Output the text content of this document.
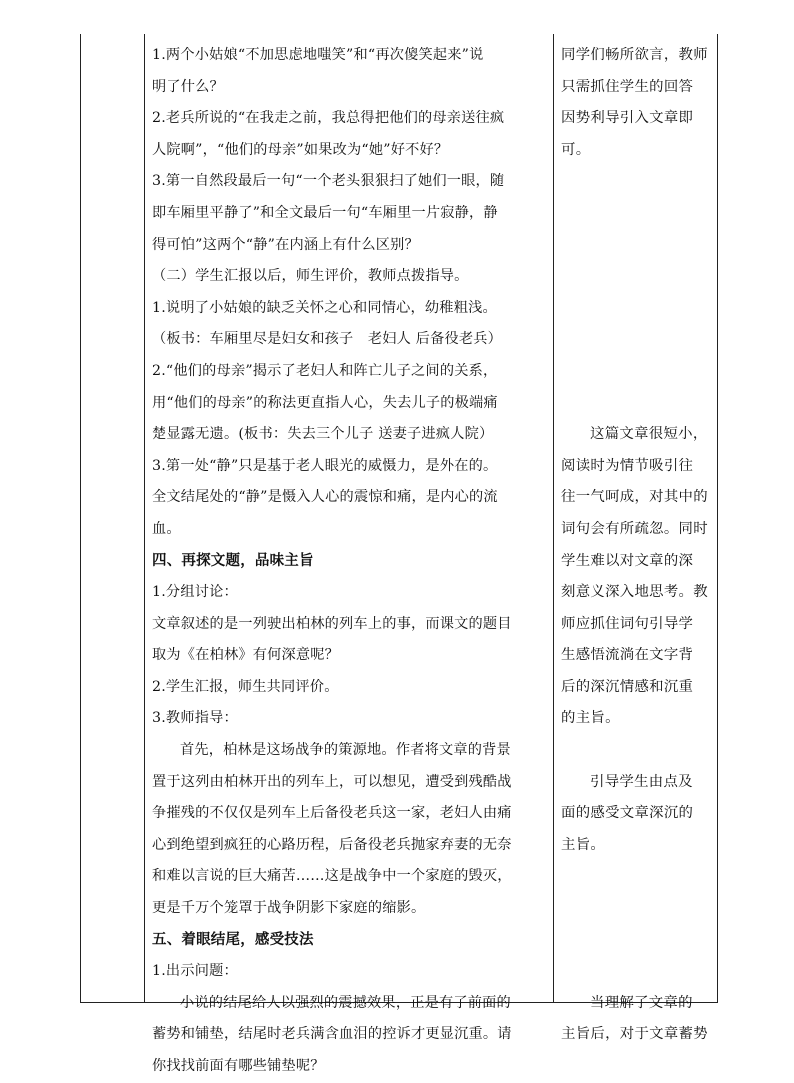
1.两个小姑娘“不加思虑地嗤笑”和“再次傻笑起来”说
明了什么？
2.老兵所说的“在我走之前，我总得把他们的母亲送往疯
人院啊”，“他们的母亲”如果改为“她”好不好？
3.第一自然段最后一句“一个老头狠狠扫了她们一眼，随
即车厢里平静了”和全文最后一句“车厢里一片寂静，静
得可怕”这两个“静”在内涵上有什么区别？
（二）学生汇报以后，师生评价，教师点拨指导。
1.说明了小姑娘的缺乏关怀之心和同情心，幼稚粗浅。
（板书：车厢里尽是妇女和孩子　老妇人 后备役老兵）
2.“他们的母亲”揭示了老妇人和阵亡儿子之间的关系，
用“他们的母亲”的称法更直指人心，失去儿子的极端痛
楚显露无遗。(板书：失去三个儿子 送妻子进疯人院）
3.第一处“静”只是基于老人眼光的威慑力，是外在的。
全文结尾处的“静”是慑入人心的震惊和痛，是内心的流
血。
四、再探文题，品味主旨
1.分组讨论：
文章叙述的是一列驶出柏林的列车上的事，而课文的题目
取为《在柏林》有何深意呢？
2.学生汇报，师生共同评价。
3.教师指导：
首先，柏林是这场战争的策源地。作者将文章的背景
置于这列由柏林开出的列车上，可以想见，遭受到残酷战
争摧残的不仅仅是列车上后备役老兵这一家，老妇人由痛
心到绝望到疯狂的心路历程，后备役老兵抛家弃妻的无奈
和难以言说的巨大痛苦……这是战争中一个家庭的毁灭，
更是千万个笼罩于战争阴影下家庭的缩影。
五、着眼结尾，感受技法
1.出示问题：
小说的结尾给人以强烈的震撼效果，正是有了前面的
蓄势和铺垫，结尾时老兵满含血泪的控诉才更显沉重。请
你找找前面有哪些铺垫呢？
同学们畅所欲言，教师
只需抓住学生的回答
因势利导引入文章即
可。
这篇文章很短小，
阅读时为情节吸引往
往一气呵成，对其中的
词句会有所疏忽。同时
学生难以对文章的深
刻意义深入地思考。教
师应抓住词句引导学
生感悟流淌在文字背
后的深沉情感和沉重
的主旨。
引导学生由点及
面的感受文章深沉的
主旨。
当理解了文章的
主旨后，对于文章蓄势
